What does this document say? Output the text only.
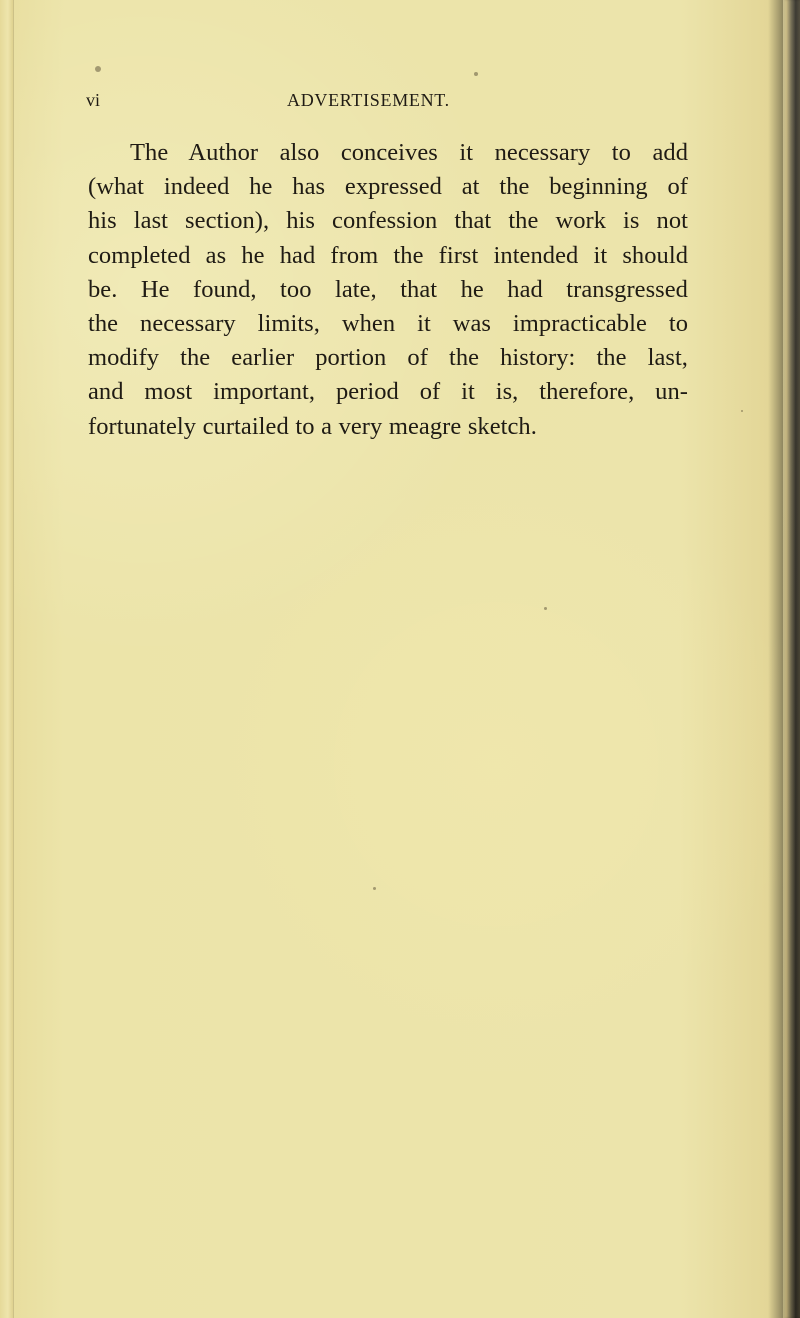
vi	ADVERTISEMENT.
The Author also conceives it necessary to add
(what indeed he has expressed at the beginning of
his last section), his confession that the work is not
completed as he had from the first intended it should
be. He found, too late, that he had transgressed
the necessary limits, when it was impracticable to
modify the earlier portion of the history: the last,
and most important, period of it is, therefore, un-
fortunately curtailed to a very meagre sketch.
